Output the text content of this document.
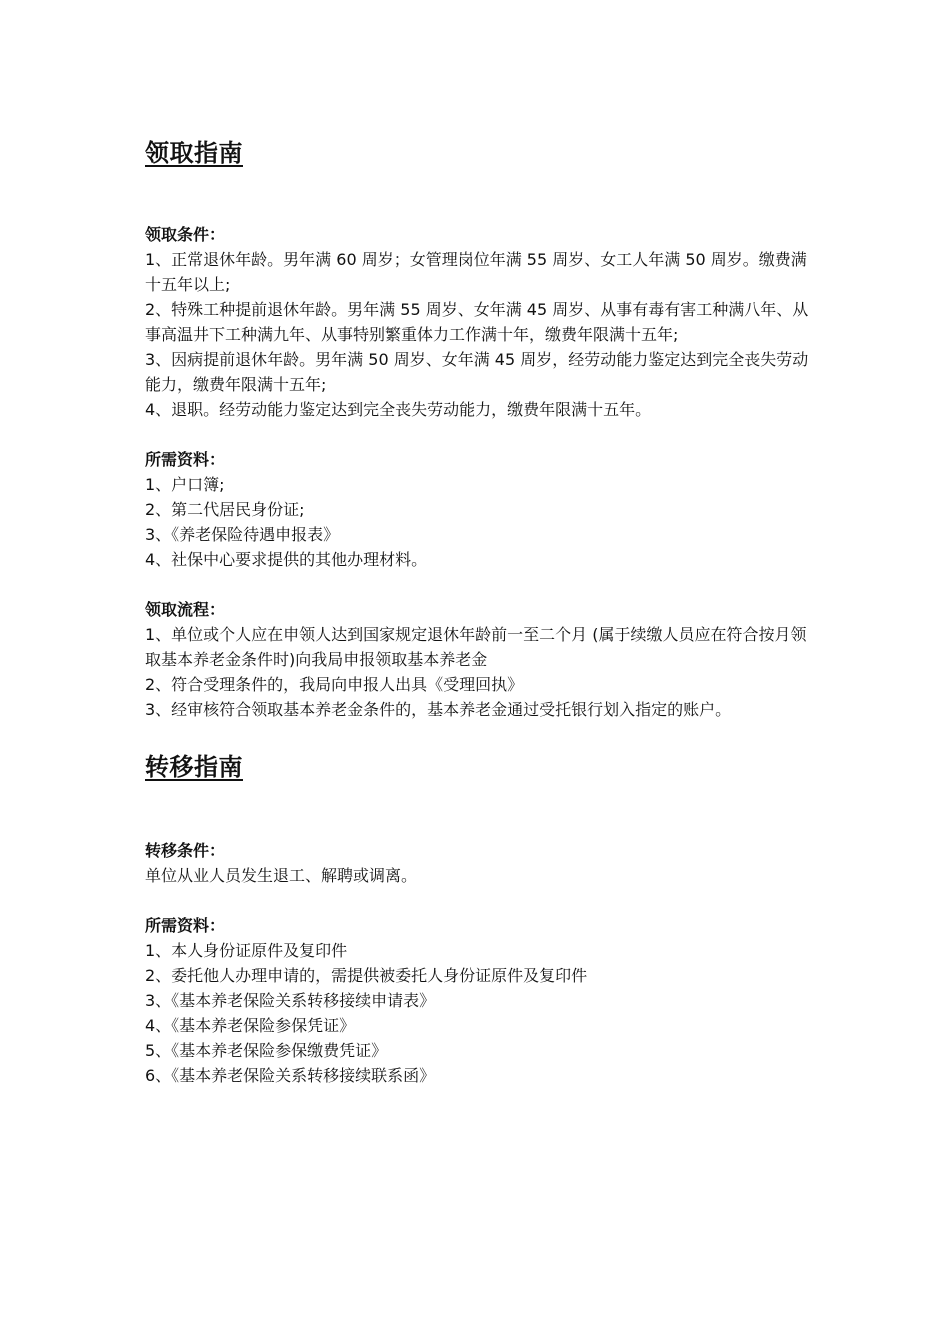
领取指南

领取条件：

1、正常退休年龄。男年满 60 周岁；女管理岗位年满 55 周岁、女工人年满 50 周岁。缴费满十五年以上;

2、特殊工种提前退休年龄。男年满 55 周岁、女年满 45 周岁、从事有毒有害工种满八年、从事高温井下工种满九年、从事特别繁重体力工作满十年，缴费年限满十五年;

3、因病提前退休年龄。男年满 50 周岁、女年满 45 周岁，经劳动能力鉴定达到完全丧失劳动能力，缴费年限满十五年;

4、退职。经劳动能力鉴定达到完全丧失劳动能力，缴费年限满十五年。

所需资料：

1、户口簿;

2、第二代居民身份证;

3、《养老保险待遇申报表》

4、社保中心要求提供的其他办理材料。

领取流程：

1、单位或个人应在申领人达到国家规定退休年龄前一至二个月 (属于续缴人员应在符合按月领取基本养老金条件时)向我局申报领取基本养老金

2、符合受理条件的，我局向申报人出具《受理回执》

3、经审核符合领取基本养老金条件的，基本养老金通过受托银行划入指定的账户。

转移指南

转移条件：

单位从业人员发生退工、解聘或调离。

所需资料：

1、本人身份证原件及复印件

2、委托他人办理申请的，需提供被委托人身份证原件及复印件

3、《基本养老保险关系转移接续申请表》

4、《基本养老保险参保凭证》

5、《基本养老保险参保缴费凭证》

6、《基本养老保险关系转移接续联系函》
